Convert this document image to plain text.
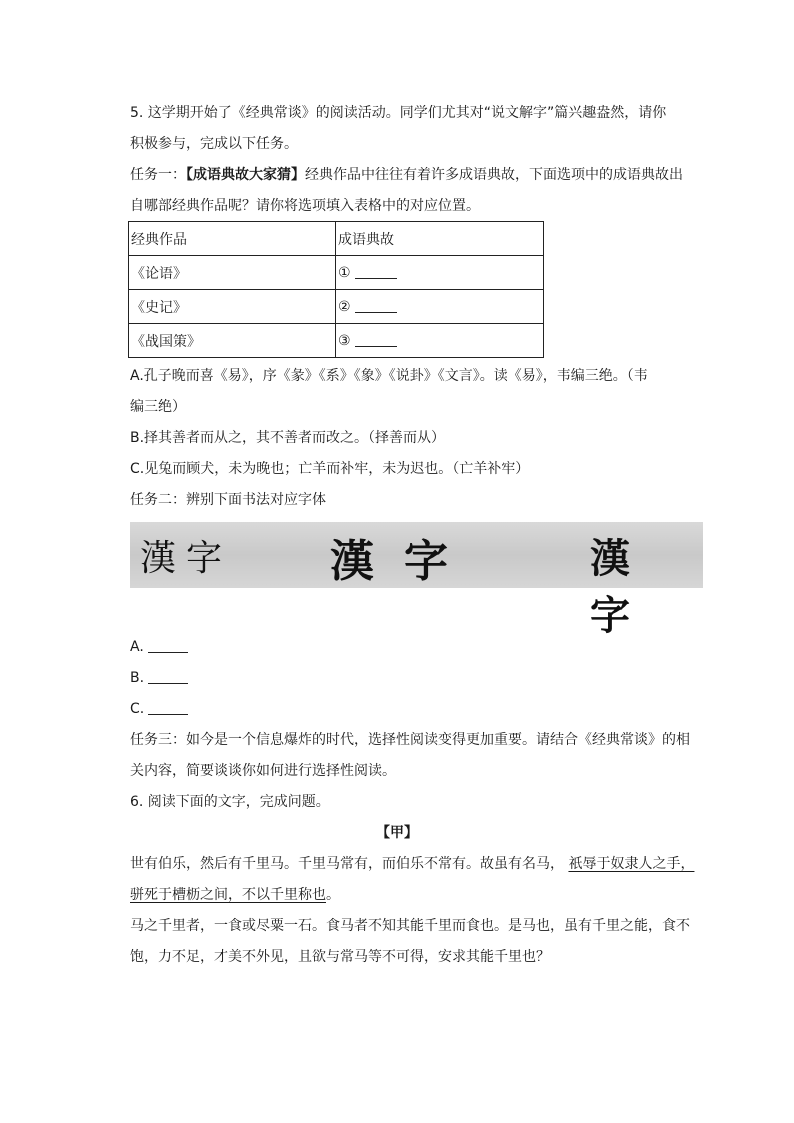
5. 这学期开始了《经典常谈》的阅读活动。同学们尤其对“说文解字”篇兴趣盎然，请你
积极参与，完成以下任务。
任务一：【成语典故大家猜】经典作品中往往有着许多成语典故，下面选项中的成语典故出
自哪部经典作品呢？请你将选项填入表格中的对应位置。
经典作品	成语典故
《论语》	①
《史记》	②
《战国策》	③
A.孔子晚而喜《易》，序《彖》《系》《象》《说卦》《文言》。读《易》，韦编三绝。（韦
编三绝）
B.择其善者而从之，其不善者而改之。（择善而从）
C.见兔而顾犬，未为晚也；亡羊而补牢，未为迟也。（亡羊补牢）
任务二：辨别下面书法对应字体
漢字 漢字	漢字
A.
B.
C.
任务三：如今是一个信息爆炸的时代，选择性阅读变得更加重要。请结合《经典常谈》的相
关内容，简要谈谈你如何进行选择性阅读。
6. 阅读下面的文字，完成问题。
【甲】
世有伯乐，然后有千里马。千里马常有，而伯乐不常有。故虽有名马， 祇辱于奴隶人之手，
骈死于槽枥之间，不以千里称也。
马之千里者，一食或尽粟一石。食马者不知其能千里而食也。是马也，虽有千里之能，食不
饱，力不足，才美不外见，且欲与常马等不可得，安求其能千里也？
